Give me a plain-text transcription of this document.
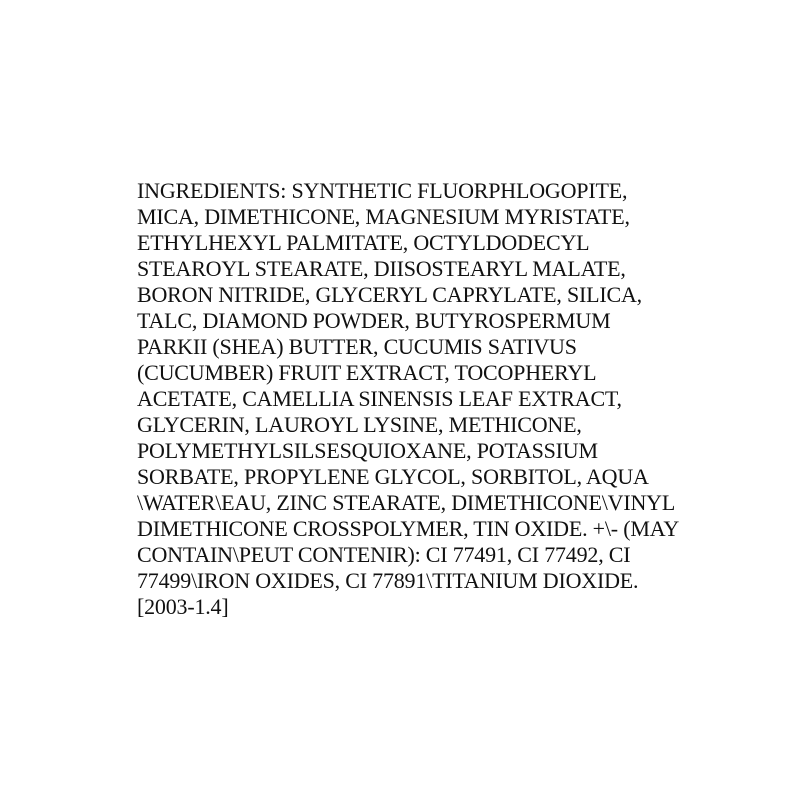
INGREDIENTS: SYNTHETIC FLUORPHLOGOPITE,
MICA, DIMETHICONE, MAGNESIUM MYRISTATE,
ETHYLHEXYL PALMITATE, OCTYLDODECYL
STEAROYL STEARATE, DIISOSTEARYL MALATE,
BORON NITRIDE, GLYCERYL CAPRYLATE, SILICA,
TALC, DIAMOND POWDER, BUTYROSPERMUM
PARKII (SHEA) BUTTER, CUCUMIS SATIVUS
(CUCUMBER) FRUIT EXTRACT, TOCOPHERYL
ACETATE, CAMELLIA SINENSIS LEAF EXTRACT,
GLYCERIN, LAUROYL LYSINE, METHICONE,
POLYMETHYLSILSESQUIOXANE, POTASSIUM
SORBATE, PROPYLENE GLYCOL, SORBITOL, AQUA
\WATER\EAU, ZINC STEARATE, DIMETHICONE\VINYL
DIMETHICONE CROSSPOLYMER, TIN OXIDE. +\- (MAY
CONTAIN\PEUT CONTENIR): CI 77491, CI 77492, CI
77499\IRON OXIDES, CI 77891\TITANIUM DIOXIDE.
[2003-1.4]
